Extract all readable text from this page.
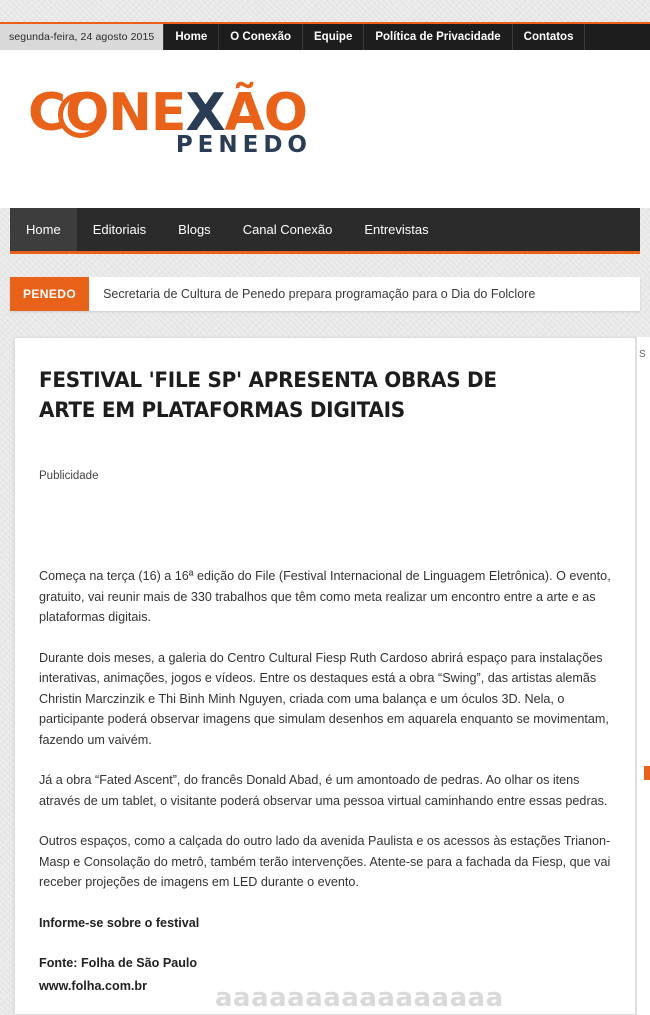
segunda-feira, 24 agosto 2015	Home	O Conexão	Equipe	Política de Privacidade	Contatos
CONEXÃO
PENEDO
Home	Editoriais	Blogs	Canal Conexão	Entrevistas
PENEDO	Secretaria de Cultura de Penedo prepara programação para o Dia do Folclore
FESTIVAL 'FILE SP' APRESENTA OBRAS DE ARTE EM PLATAFORMAS DIGITAIS
Publicidade

Começa na terça (16) a 16ª edição do File (Festival Internacional de Linguagem Eletrônica). O evento, gratuito, vai reunir mais de 330 trabalhos que têm como meta realizar um encontro entre a arte e as plataformas digitais.

Durante dois meses, a galeria do Centro Cultural Fiesp Ruth Cardoso abrirá espaço para instalações interativas, animações, jogos e vídeos. Entre os destaques está a obra “Swing”, das artistas alemãs Christin Marczinzik e Thi Binh Minh Nguyen, criada com uma balança e um óculos 3D. Nela, o participante poderá observar imagens que simulam desenhos em aquarela enquanto se movimentam, fazendo um vaivém.

Já a obra “Fated Ascent”, do francês Donald Abad, é um amontoado de pedras. Ao olhar os itens através de um tablet, o visitante poderá observar uma pessoa virtual caminhando entre essas pedras.

Outros espaços, como a calçada do outro lado da avenida Paulista e os acessos às estações Trianon-Masp e Consolação do metrô, também terão intervenções. Atente-se para a fachada da Fiesp, que vai receber projeções de imagens em LED durante o evento.

Informe-se sobre o festival

Fonte: Folha de São Paulo

www.folha.com.br

S
aaaaaaaaaaaaaaaa
